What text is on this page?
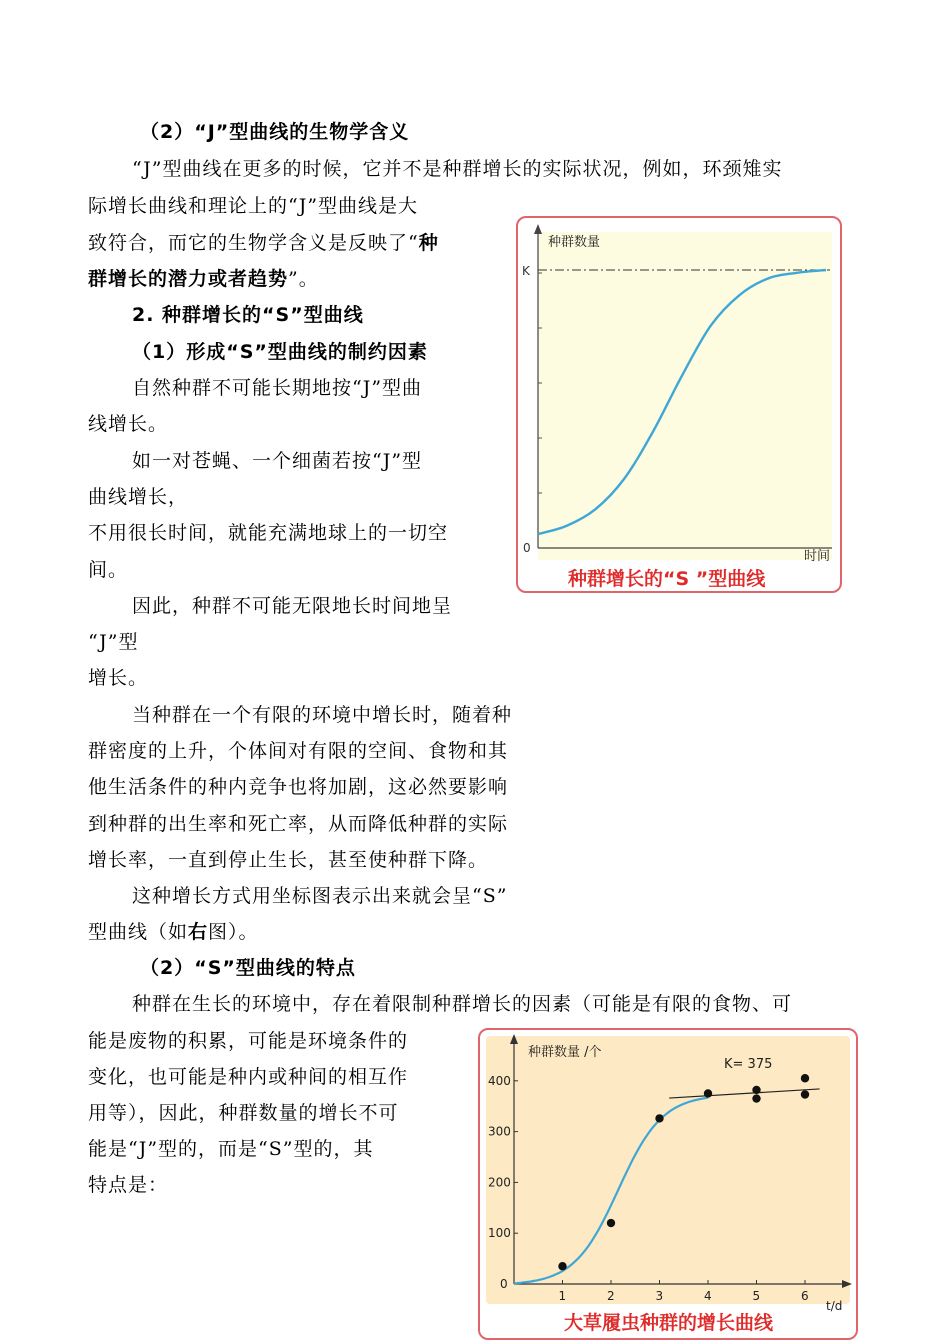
（2）“J”型曲线的生物学含义
“J”型曲线在更多的时候，它并不是种群增长的实际状况，例如，环颈雉实
际增长曲线和理论上的“J”型曲线是大
致符合，而它的生物学含义是反映了“种
群增长的潜力或者趋势”。
2. 种群增长的“S”型曲线
（1）形成“S”型曲线的制约因素
自然种群不可能长期地按“J”型曲
线增长。
如一对苍蝇、一个细菌若按“J”型
曲线增长，
不用很长时间，就能充满地球上的一切空
间。
因此，种群不可能无限地长时间地呈
“J”型
增长。
当种群在一个有限的环境中增长时，随着种
群密度的上升，个体间对有限的空间、食物和其
他生活条件的种内竞争也将加剧，这必然要影响
到种群的出生率和死亡率，从而降低种群的实际
增长率，一直到停止生长，甚至使种群下降。
这种增长方式用坐标图表示出来就会呈“S”
型曲线（如右图）。
（2）“S”型曲线的特点
种群在生长的环境中，存在着限制种群增长的因素（可能是有限的食物、可
能是废物的积累，可能是环境条件的
变化，也可能是种内或种间的相互作
用等），因此，种群数量的增长不可
能是“J”型的，而是“S”型的，其
特点是：
K
种群数量
0
时间
种群增长的“S ”型曲线
0
1	2	3	4	5	6
100
200
300
400
种群数量 /个
t/d
K= 375
大草履虫种群的增长曲线
